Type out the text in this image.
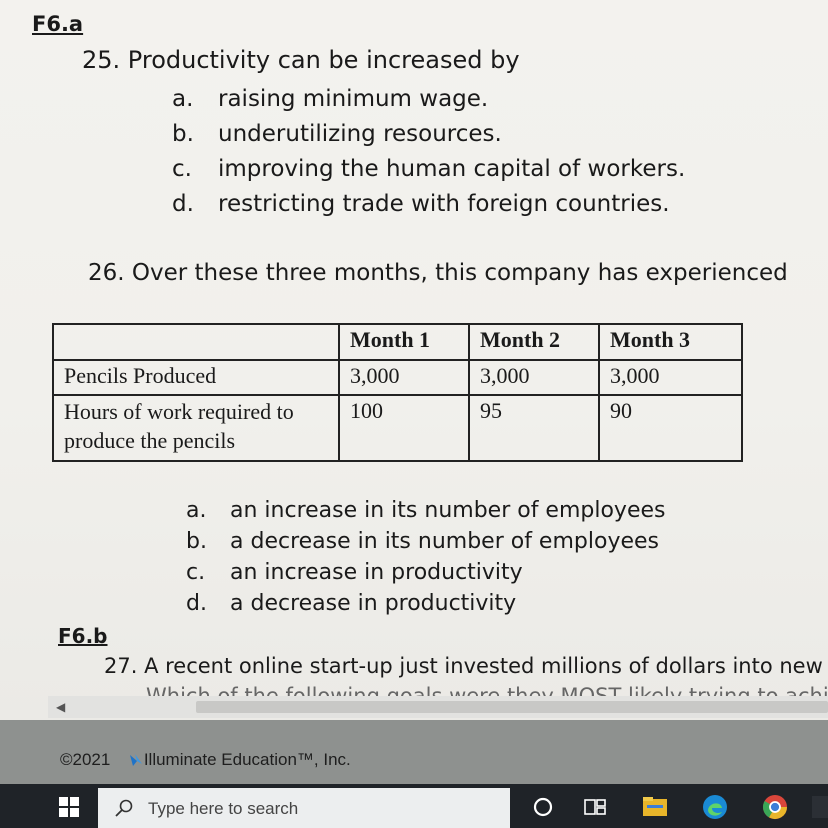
F6.a
25. Productivity can be increased by
a. raising minimum wage.
b. underutilizing resources.
c. improving the human capital of workers.
d. restricting trade with foreign countries.
26. Over these three months, this company has experienced
	Month 1	Month 2	Month 3
Pencils Produced	3,000	3,000	3,000
Hours of work required to produce the pencils	100	95	90
a. an increase in its number of employees
b. a decrease in its number of employees
c. an increase in productivity
d. a decrease in productivity
F6.b
27. A recent online start-up just invested millions of dollars into new
◀
©2021 Illuminate Education™, Inc.
Type here to search
